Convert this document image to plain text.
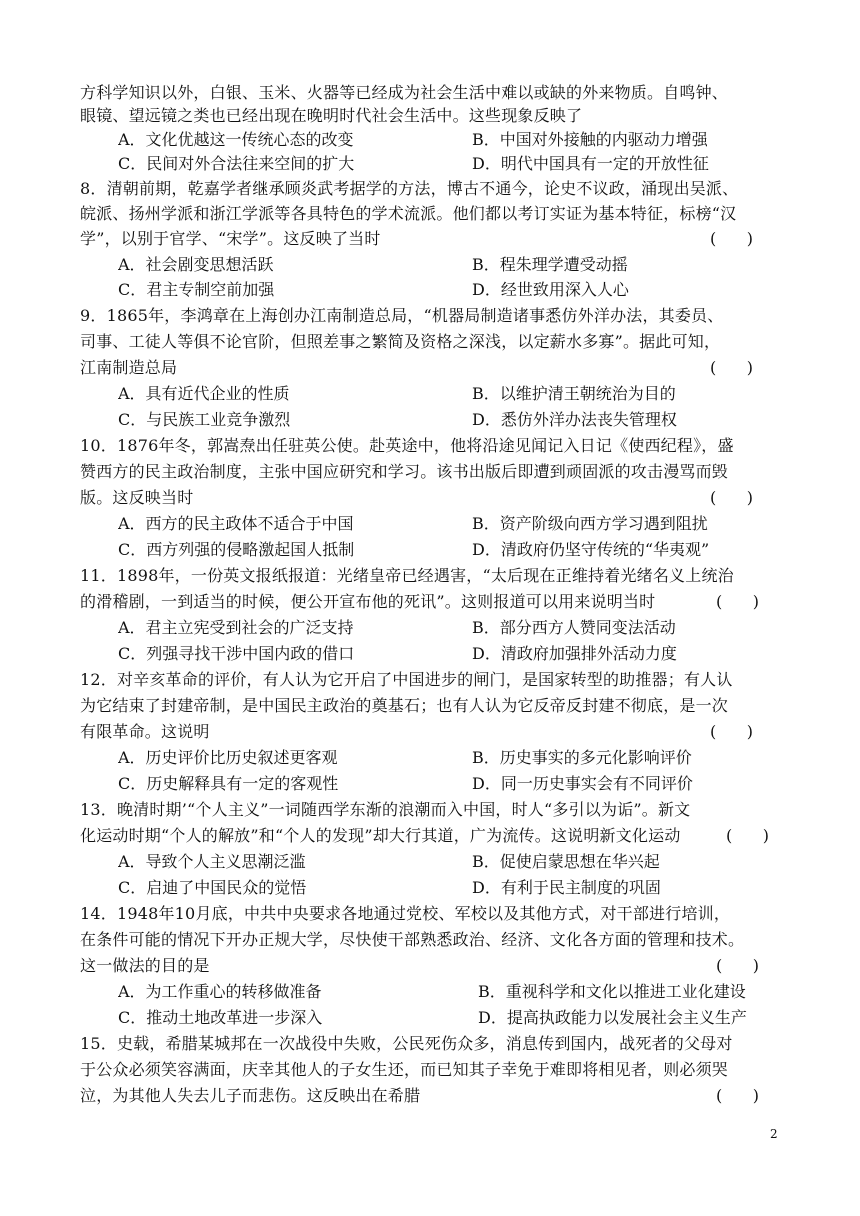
方科学知识以外，白银、玉米、火器等已经成为社会生活中难以或缺的外来物质。自鸣钟、
眼镜、望远镜之类也已经出现在晚明时代社会生活中。这些现象反映了
A．文化优越这一传统心态的改变	B．中国对外接触的内驱动力增强
C．民间对外合法往来空间的扩大	D．明代中国具有一定的开放性征
8．清朝前期，乾嘉学者继承顾炎武考据学的方法，博古不通今，论史不议政，涌现出吴派、
皖派、扬州学派和浙江学派等各具特色的学术流派。他们都以考订实证为基本特征，标榜“汉
学”，以别于官学、“宋学”。这反映了当时	(      )
A．社会剧变思想活跃	B．程朱理学遭受动摇
C．君主专制空前加强	D．经世致用深入人心
9．1865年，李鸿章在上海创办江南制造总局，“机器局制造诸事悉仿外洋办法，其委员、
司事、工徒人等俱不论官阶，但照差事之繁简及资格之深浅，以定薪水多寡”。据此可知，
江南制造总局	(      )
A．具有近代企业的性质	B．以维护清王朝统治为目的
C．与民族工业竞争激烈	D．悉仿外洋办法丧失管理权
10．1876年冬，郭嵩焘出任驻英公使。赴英途中，他将沿途见闻记入日记《使西纪程》，盛
赞西方的民主政治制度，主张中国应研究和学习。该书出版后即遭到顽固派的攻击漫骂而毁
版。这反映当时	(      )
A．西方的民主政体不适合于中国	B．资产阶级向西方学习遇到阻扰
C．西方列强的侵略激起国人抵制	D．清政府仍坚守传统的“华夷观”
11．1898年，一份英文报纸报道：光绪皇帝已经遇害，“太后现在正维持着光绪名义上统治
的滑稽剧，一到适当的时候，便公开宣布他的死讯”。这则报道可以用来说明当时	(      )
A．君主立宪受到社会的广泛支持	B．部分西方人赞同变法活动
C．列强寻找干涉中国内政的借口	D．清政府加强排外活动力度
12．对辛亥革命的评价，有人认为它开启了中国进步的闸门，是国家转型的助推器；有人认
为它结束了封建帝制，是中国民主政治的奠基石；也有人认为它反帝反封建不彻底，是一次
有限革命。这说明	(      )
A．历史评价比历史叙述更客观	B．历史事实的多元化影响评价
C．历史解释具有一定的客观性	D．同一历史事实会有不同评价
13．晚清时期’“个人主义”一词随西学东渐的浪潮而入中国，时人“多引以为诟”。新文
化运动时期“个人的解放”和“个人的发现”却大行其道，广为流传。这说明新文化运动	(      )
A．导致个人主义思潮泛滥	B．促使启蒙思想在华兴起
C．启迪了中国民众的觉悟	D．有利于民主制度的巩固
14．1948年10月底，中共中央要求各地通过党校、军校以及其他方式，对干部进行培训，
在条件可能的情况下开办正规大学，尽快使干部熟悉政治、经济、文化各方面的管理和技术。
这一做法的目的是	(      )
A．为工作重心的转移做准备	B．重视科学和文化以推进工业化建设
C．推动土地改革进一步深入	D．提高执政能力以发展社会主义生产
15．史载，希腊某城邦在一次战役中失败，公民死伤众多，消息传到国内，战死者的父母对
于公众必须笑容满面，庆幸其他人的子女生还，而已知其子幸免于难即将相见者，则必须哭
泣，为其他人失去儿子而悲伤。这反映出在希腊	(      )
2
